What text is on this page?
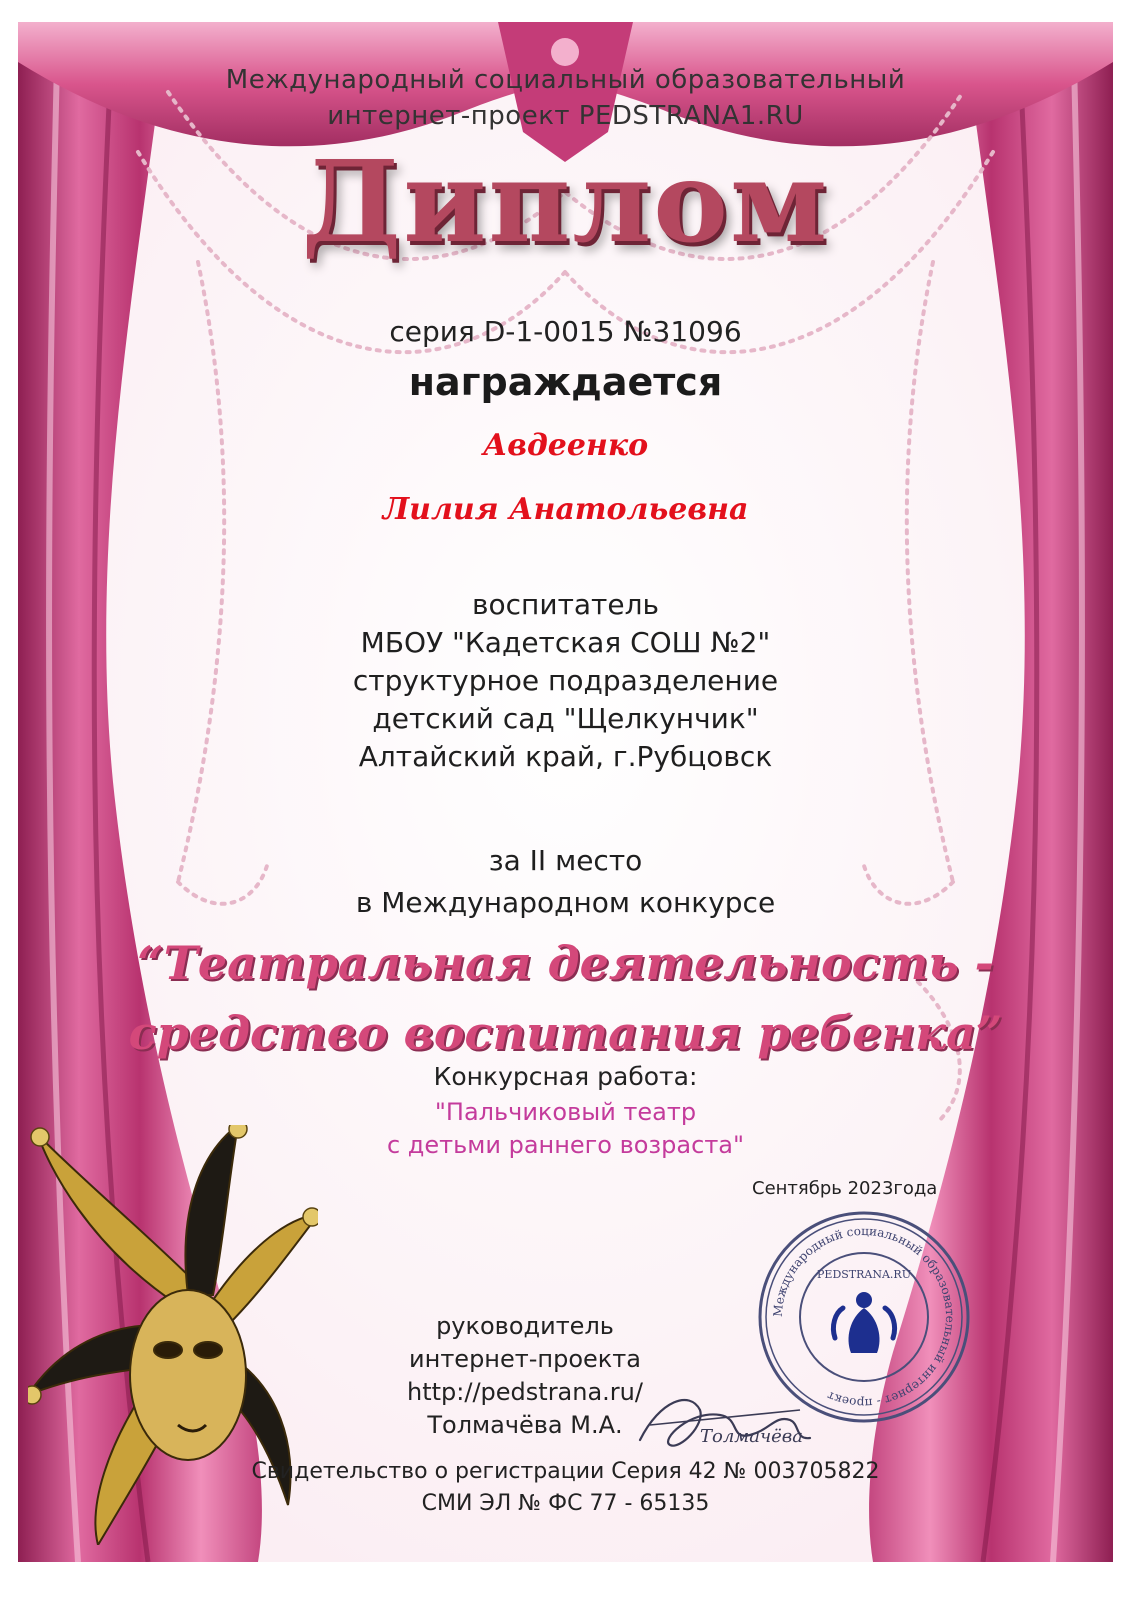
Международный социальный образовательный
интернет-проект PEDSTRANA1.RU
Диплом
серия D-1-0015 №31096
награждается
Авдеенко
Лилия Анатольевна
воспитатель
МБОУ "Кадетская СОШ №2"
структурное подразделение
детский сад "Щелкунчик"
Алтайский край, г.Рубцовск
за II место
в Международном конкурсе
“Театральная деятельность -
средство воспитания ребенка”
Конкурсная работа:
"Пальчиковый театр
с детьми раннего возраста"
Сентябрь 2023года
руководитель
интернет-проекта
http://pedstrana.ru/
Толмачёва М.А.
Международный социальный образовательный интернет - проект
PEDSTRANA.RU
Толмачёва
Свидетельство о регистрации Серия 42 № 003705822
СМИ ЭЛ № ФС 77 - 65135
